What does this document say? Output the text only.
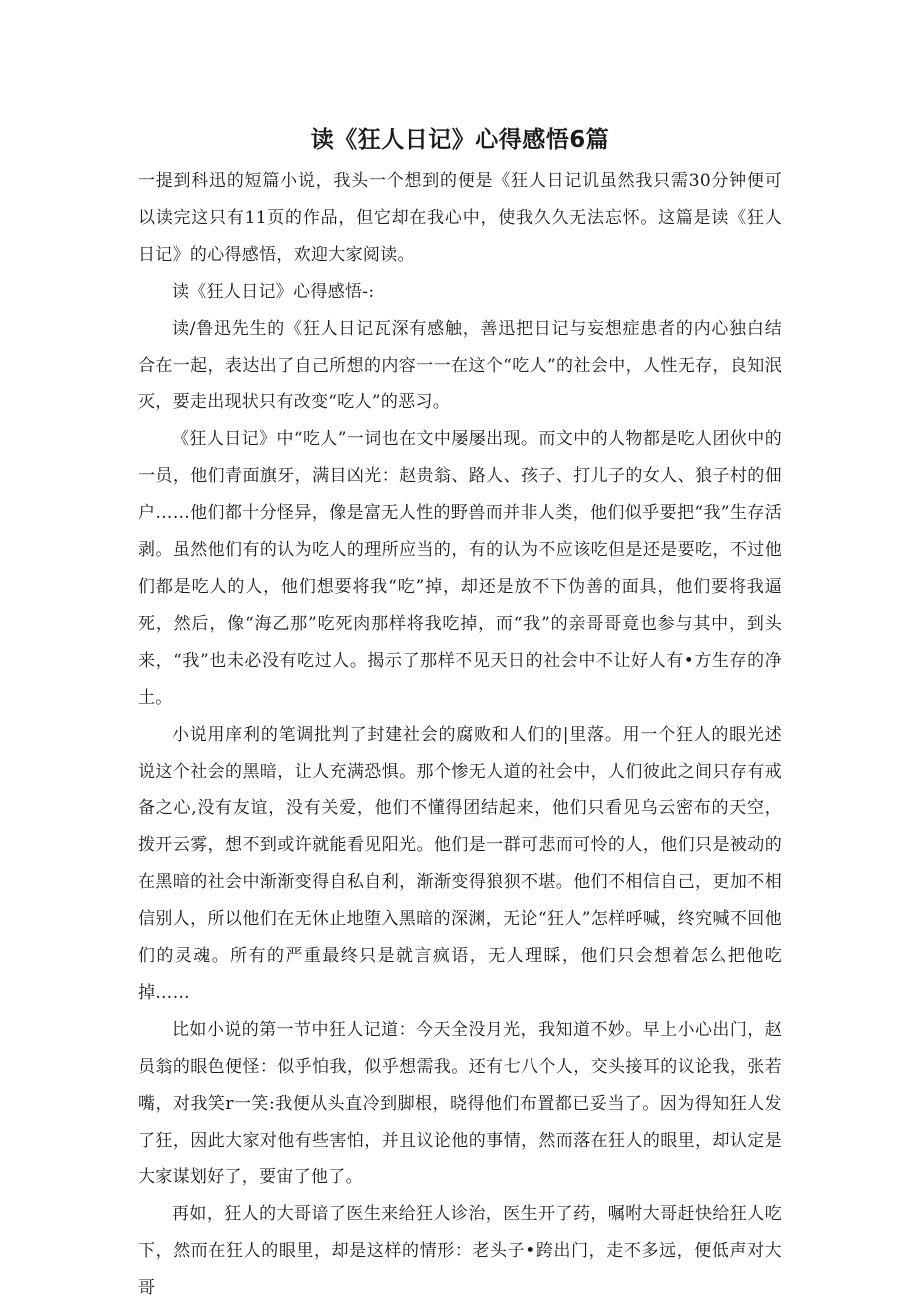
读《狂人日记》心得感悟6篇

一提到科迅的短篇小说，我头一个想到的便是《狂人日记讥虽然我只需30分钟便可以读完这只有11页的作品，但它却在我心中，使我久久无法忘怀。这篇是读《狂人日记》的心得感悟，欢迎大家阅读。

读《狂人日记》心得感悟-:

读/鲁迅先生的《狂人日记瓦深有感触，善迅把日记与妄想症患者的内心独白结合在一起，表达出了自己所想的内容一一在这个“吃人”的社会中，人性无存，良知泯灭，要走出现状只有改变“吃人”的恶习。

《狂人日记》中“吃人”一词也在文中屡屡出现。而文中的人物都是吃人团伙中的一员，他们青面旗牙，满目凶光：赵贵翁、路人、孩子、打儿子的女人、狼子村的佃户……他们都十分怪异，像是富无人性的野兽而并非人类，他们似乎要把“我”生存活剥。虽然他们有的认为吃人的理所应当的，有的认为不应该吃但是还是要吃，不过他们都是吃人的人，他们想要将我“吃”掉，却还是放不下伪善的面具，他们要将我逼死，然后，像“海乙那”吃死肉那样将我吃掉，而“我”的亲哥哥竟也参与其中，到头来，“我”也未必没有吃过人。揭示了那样不见天日的社会中不让好人有•方生存的净土。

小说用庠利的笔调批判了封建社会的腐败和人们的|里落。用一个狂人的眼光述说这个社会的黑暗，让人充满恐惧。那个惨无人道的社会中，人们彼此之间只存有戒备之心,没有友谊，没有关爱，他们不懂得团结起来，他们只看见乌云密布的天空，拨开云雾，想不到或许就能看见阳光。他们是一群可悲而可怜的人，他们只是被动的在黑暗的社会中渐渐变得自私自利，渐渐变得狼狈不堪。他们不相信自己，更加不相信别人，所以他们在无休止地堕入黑暗的深渊，无论“狂人”怎样呼喊，终究喊不回他们的灵魂。所有的严重最终只是就言疯语，无人理睬，他们只会想着怎么把他吃掉……

比如小说的第一节中狂人记道：今天全没月光，我知道不妙。早上小心出门，赵员翁的眼色便怪：似乎怕我，似乎想需我。还有七八个人，交头接耳的议论我，张若嘴，对我笑r一笑:我便从头直冷到脚根，晓得他们布置都已妥当了。因为得知狂人发了狂，因此大家对他有些害怕，并且议论他的事情，然而落在狂人的眼里，却认定是大家谋划好了，要宙了他了。

再如，狂人的大哥谙了医生来给狂人诊治，医生开了药，嘱咐大哥赶快给狂人吃下，然而在狂人的眼里，却是这样的情形：老头子•跨出门，走不多远，便低声对大哥
